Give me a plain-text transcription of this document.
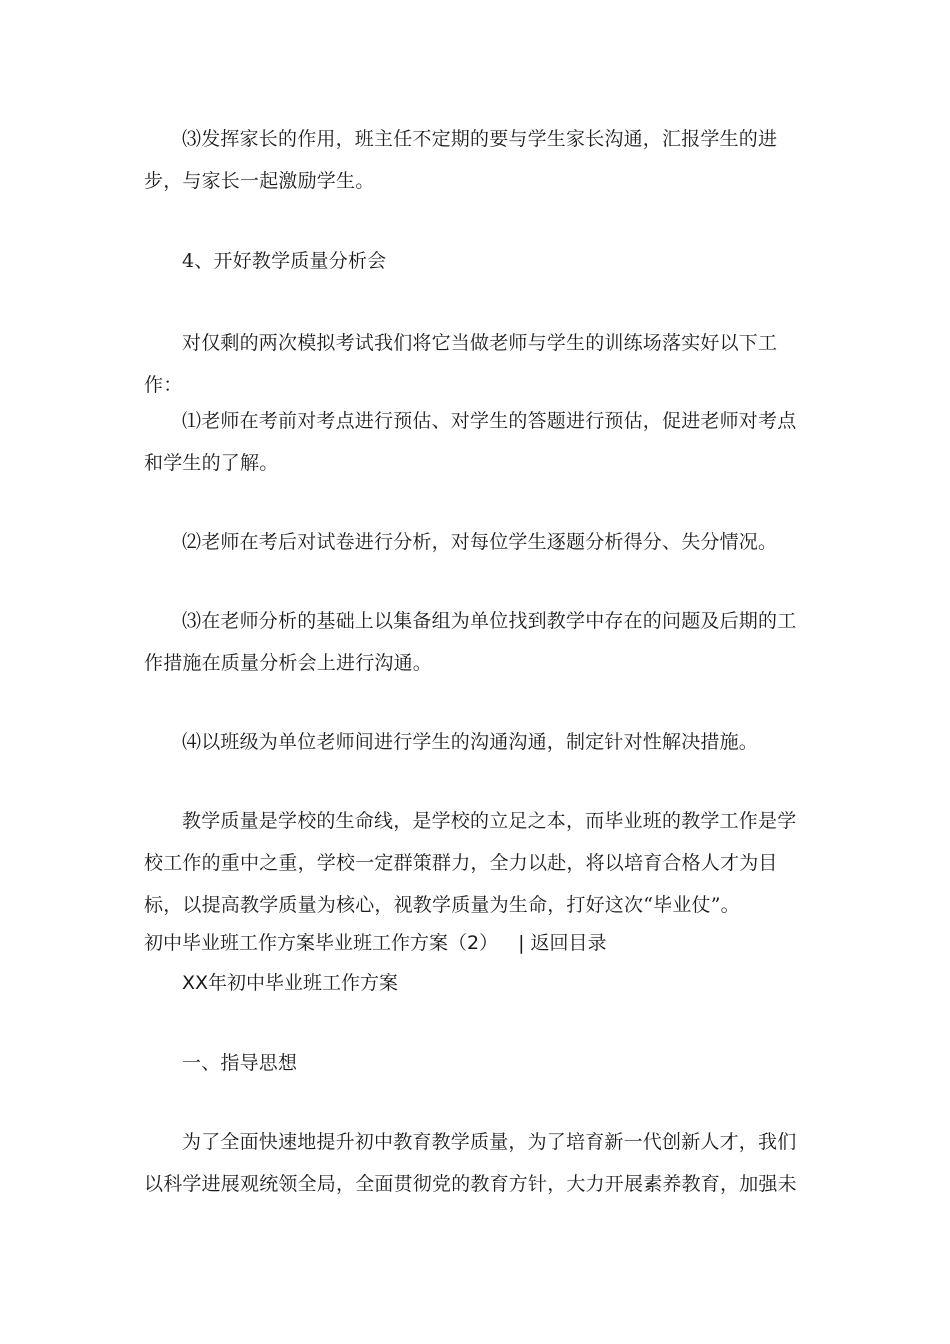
⑶发挥家长的作用，班主任不定期的要与学生家长沟通，汇报学生的进步，与家长一起激励学生。

4、开好教学质量分析会

对仅剩的两次模拟考试我们将它当做老师与学生的训练场落实好以下工作：

⑴老师在考前对考点进行预估、对学生的答题进行预估，促进老师对考点和学生的了解。

⑵老师在考后对试卷进行分析，对每位学生逐题分析得分、失分情况。

⑶在老师分析的基础上以集备组为单位找到教学中存在的问题及后期的工作措施在质量分析会上进行沟通。

⑷以班级为单位老师间进行学生的沟通沟通，制定针对性解决措施。

教学质量是学校的生命线，是学校的立足之本，而毕业班的教学工作是学校工作的重中之重，学校一定群策群力，全力以赴，将以培育合格人才为目标，以提高教学质量为核心，视教学质量为生命，打好这次“毕业仗”。

初中毕业班工作方案毕业班工作方案（2） | 返回目录

XX年初中毕业班工作方案

一、指导思想

为了全面快速地提升初中教育教学质量，为了培育新一代创新人才，我们以科学进展观统领全局，全面贯彻党的教育方针，大力开展素养教育，加强未
